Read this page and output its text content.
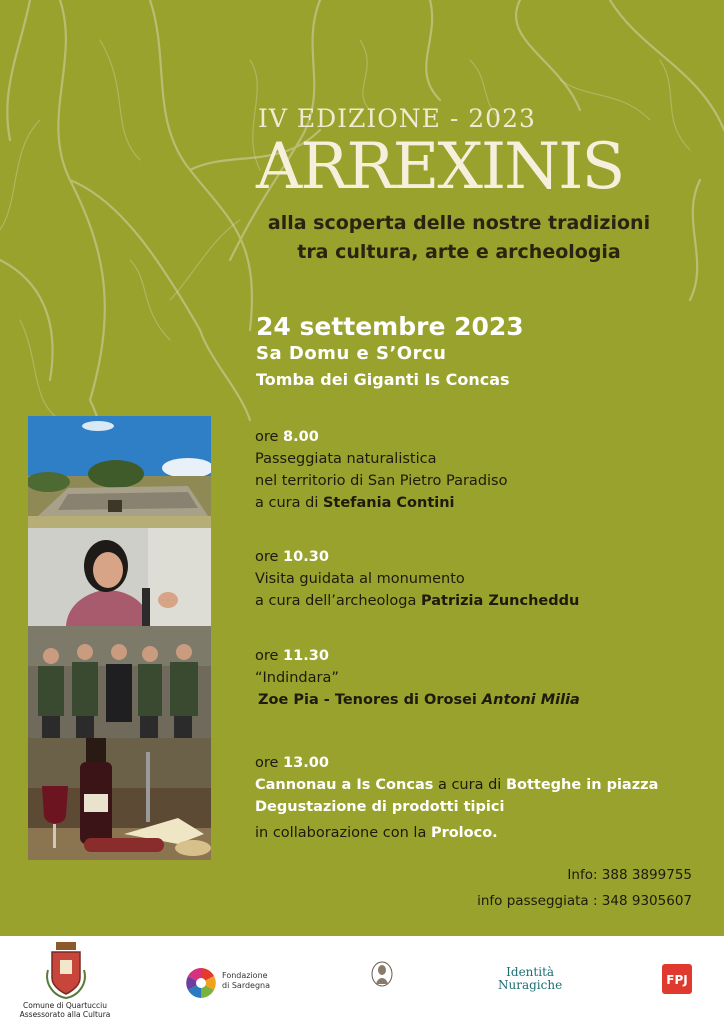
IV EDIZIONE - 2023
ARREXINIS
alla scoperta delle nostre tradizioni
tra cultura, arte e archeologia
24 settembre 2023
Sa Domu e S’Orcu
Tomba dei Giganti Is Concas
ore 8.00
Passeggiata naturalistica
nel territorio di San Pietro Paradiso
a cura di Stefania Contini
ore 10.30
Visita guidata al monumento
a cura dell’archeologa Patrizia Zuncheddu
ore 11.30
“Indindara”
Zoe Pia - Tenores di Orosei Antoni Milia
ore 13.00
Cannonau a Is Concas a cura di Botteghe in piazza
Degustazione di prodotti tipici
in collaborazione con la Proloco.
Info: 388 3899755
info passeggiata : 348 9305607
Comune di Quartucciu
Assessorato alla Cultura
Fondazione
di Sardegna
Identità
Nuragiche	FPJ
